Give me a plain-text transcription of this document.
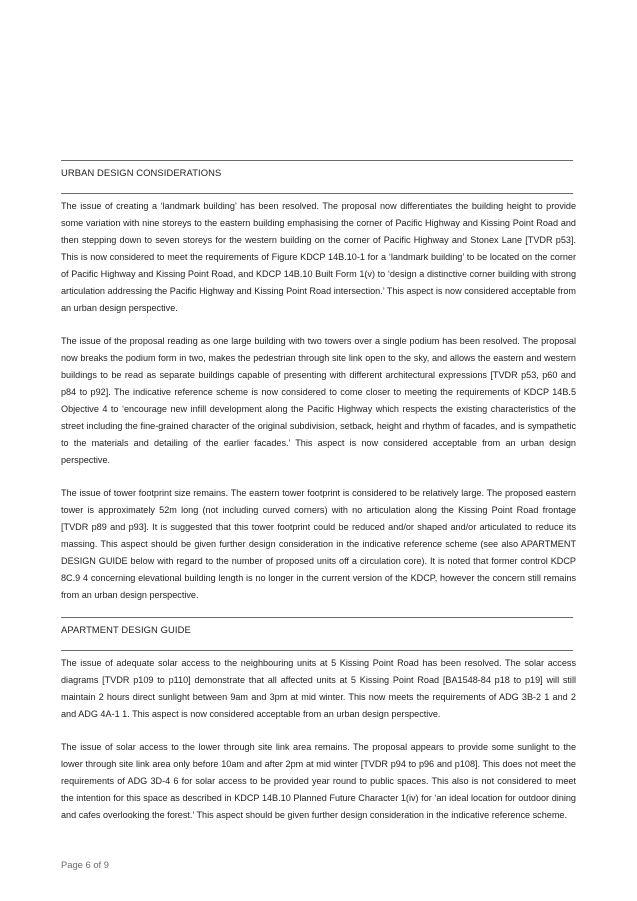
URBAN DESIGN CONSIDERATIONS

The issue of creating a ‘landmark building’ has been resolved. The proposal now differentiates the building height to provide some variation with nine storeys to the eastern building emphasising the corner of Pacific Highway and Kissing Point Road and then stepping down to seven storeys for the western building on the corner of Pacific Highway and Stonex Lane [TVDR p53]. This is now considered to meet the requirements of Figure KDCP 14B.10-1 for a ‘landmark building’ to be located on the corner of Pacific Highway and Kissing Point Road, and KDCP 14B.10 Built Form 1(v) to ‘design a distinctive corner building with strong articulation addressing the Pacific Highway and Kissing Point Road intersection.’ This aspect is now considered acceptable from an urban design perspective.

The issue of the proposal reading as one large building with two towers over a single podium has been resolved. The proposal now breaks the podium form in two, makes the pedestrian through site link open to the sky, and allows the eastern and western buildings to be read as separate buildings capable of presenting with different architectural expressions [TVDR p53, p60 and p84 to p92]. The indicative reference scheme is now considered to come closer to meeting the requirements of KDCP 14B.5 Objective 4 to ‘encourage new infill development along the Pacific Highway which respects the existing characteristics of the street including the fine-grained character of the original subdivision, setback, height and rhythm of facades, and is sympathetic to the materials and detailing of the earlier facades.’ This aspect is now considered acceptable from an urban design perspective.

The issue of tower footprint size remains. The eastern tower footprint is considered to be relatively large. The proposed eastern tower is approximately 52m long (not including curved corners) with no articulation along the Kissing Point Road frontage [TVDR p89 and p93]. It is suggested that this tower footprint could be reduced and/or shaped and/or articulated to reduce its massing. This aspect should be given further design consideration in the indicative reference scheme (see also APARTMENT DESIGN GUIDE below with regard to the number of proposed units off a circulation core). It is noted that former control KDCP 8C.9 4 concerning elevational building length is no longer in the current version of the KDCP, however the concern still remains from an urban design perspective.

APARTMENT DESIGN GUIDE

The issue of adequate solar access to the neighbouring units at 5 Kissing Point Road has been resolved. The solar access diagrams [TVDR p109 to p110] demonstrate that all affected units at 5 Kissing Point Road [BA1548-84 p18 to p19] will still maintain 2 hours direct sunlight between 9am and 3pm at mid winter. This now meets the requirements of ADG 3B-2 1 and 2 and ADG 4A-1 1. This aspect is now considered acceptable from an urban design perspective.

The issue of solar access to the lower through site link area remains. The proposal appears to provide some sunlight to the lower through site link area only before 10am and after 2pm at mid winter [TVDR p94 to p96 and p108]. This does not meet the requirements of ADG 3D-4 6 for solar access to be provided year round to public spaces. This also is not considered to meet the intention for this space as described in KDCP 14B.10 Planned Future Character 1(iv) for ‘an ideal location for outdoor dining and cafes overlooking the forest.’ This aspect should be given further design consideration in the indicative reference scheme.

Page 6 of 9
